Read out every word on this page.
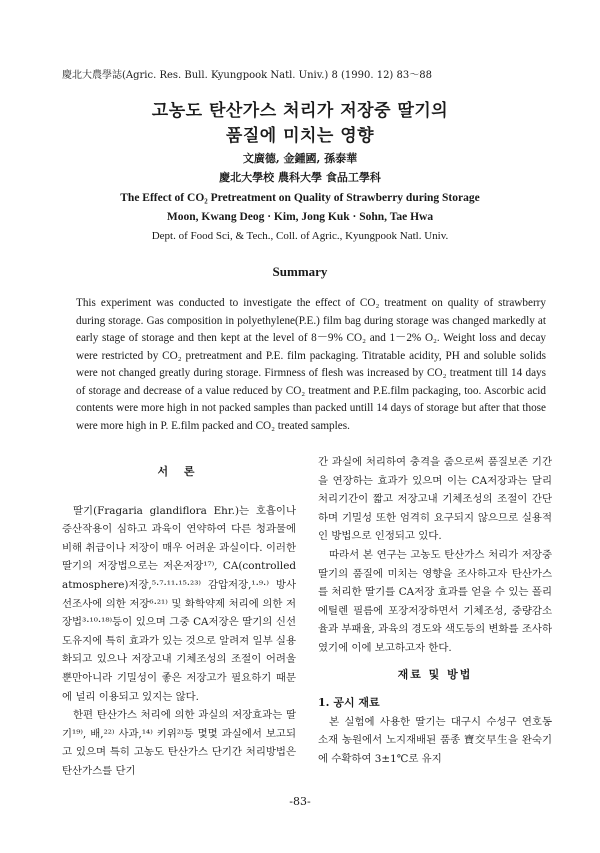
慶北大農學誌(Agric. Res. Bull. Kyungpook Natl. Univ.) 8 (1990. 12) 83～88
고농도 탄산가스 처리가 저장중 딸기의
품질에 미치는 영향
文廣德, 金鍾國, 孫泰華
慶北大學校 農科大學 食品工學科
The Effect of CO₂ Pretreatment on Quality of Strawberry during Storage
Moon, Kwang Deog · Kim, Jong Kuk · Sohn, Tae Hwa
Dept. of Food Sci, & Tech., Coll. of Agric., Kyungpook Natl. Univ.
Summary
This experiment was conducted to investigate the effect of CO₂ treatment on quality of strawberry during storage. Gas composition in polyethylene(P.E.) film bag during storage was changed markedly at early stage of storage and then kept at the level of 8－9% CO₂ and 1－2% O₂. Weight loss and decay were restricted by CO₂ pretreatment and P.E. film packaging. Titratable acidity, PH and soluble solids were not changed greatly during storage. Firmness of flesh was increased by CO₂ treatment till 14 days of storage and decrease of a value reduced by CO₂ treatment and P.E.film packaging, too. Ascorbic acid contents were more high in not packed samples than packed untill 14 days of storage but after that those were more high in P. E.film packed and CO₂ treated samples.
서 론

딸기(Fragaria glandiflora Ehr.)는 호흡이나 증산작용이 심하고 과육이 연약하여 다른 청과물에 비해 취급이나 저장이 매우 어려운 과실이다. 이러한 딸기의 저장법으로는 저온저장¹⁷⁾, CA(controlled atmosphere)저장,⁵·⁷·¹¹·¹⁵·²³⁾ 감압저장,¹·⁹·⁾ 방사선조사에 의한 저장⁶·²¹⁾ 및 화학약제 처리에 의한 저장법³·¹⁰·¹⁸⁾등이 있으며 그중 CA저장은 딸기의 신선도유지에 특히 효과가 있는 것으로 알려져 일부 실용화되고 있으나 저장고내 기체조성의 조절이 어려울 뿐만아니라 기밀성이 좋은 저장고가 필요하기 때문에 널리 이용되고 있지는 않다.

한편 탄산가스 처리에 의한 과실의 저장효과는 딸기¹⁹⁾, 배,²²⁾ 사과,¹⁴⁾ 키위²⁾등 몇몇 과실에서 보고되고 있으며 특히 고농도 탄산가스 단기간 처리방법은 탄산가스를 단기

간 과실에 처리하여 충격을 줌으로써 품질보존 기간을 연장하는 효과가 있으며 이는 CA저장과는 달리 처리기간이 짧고 저장고내 기체조성의 조절이 간단하며 기밀성 또한 엄격히 요구되지 않으므로 실용적인 방법으로 인정되고 있다.

따라서 본 연구는 고농도 탄산가스 처리가 저장중 딸기의 품질에 미치는 영향을 조사하고자 탄산가스를 처리한 딸기를 CA저장 효과를 얻을 수 있는 폴리에틸렌 필름에 포장저장하면서 기체조성, 중량감소율과 부패율, 과육의 경도와 색도등의 변화를 조사하였기에 이에 보고하고자 한다.

재료 및 방법

1. 공시 재료

본 실험에 사용한 딸기는 대구시 수성구 연호동 소재 농원에서 노지재배된 품종 寶交早生을 완숙기에 수확하여 3±1℃로 유지

-83-
